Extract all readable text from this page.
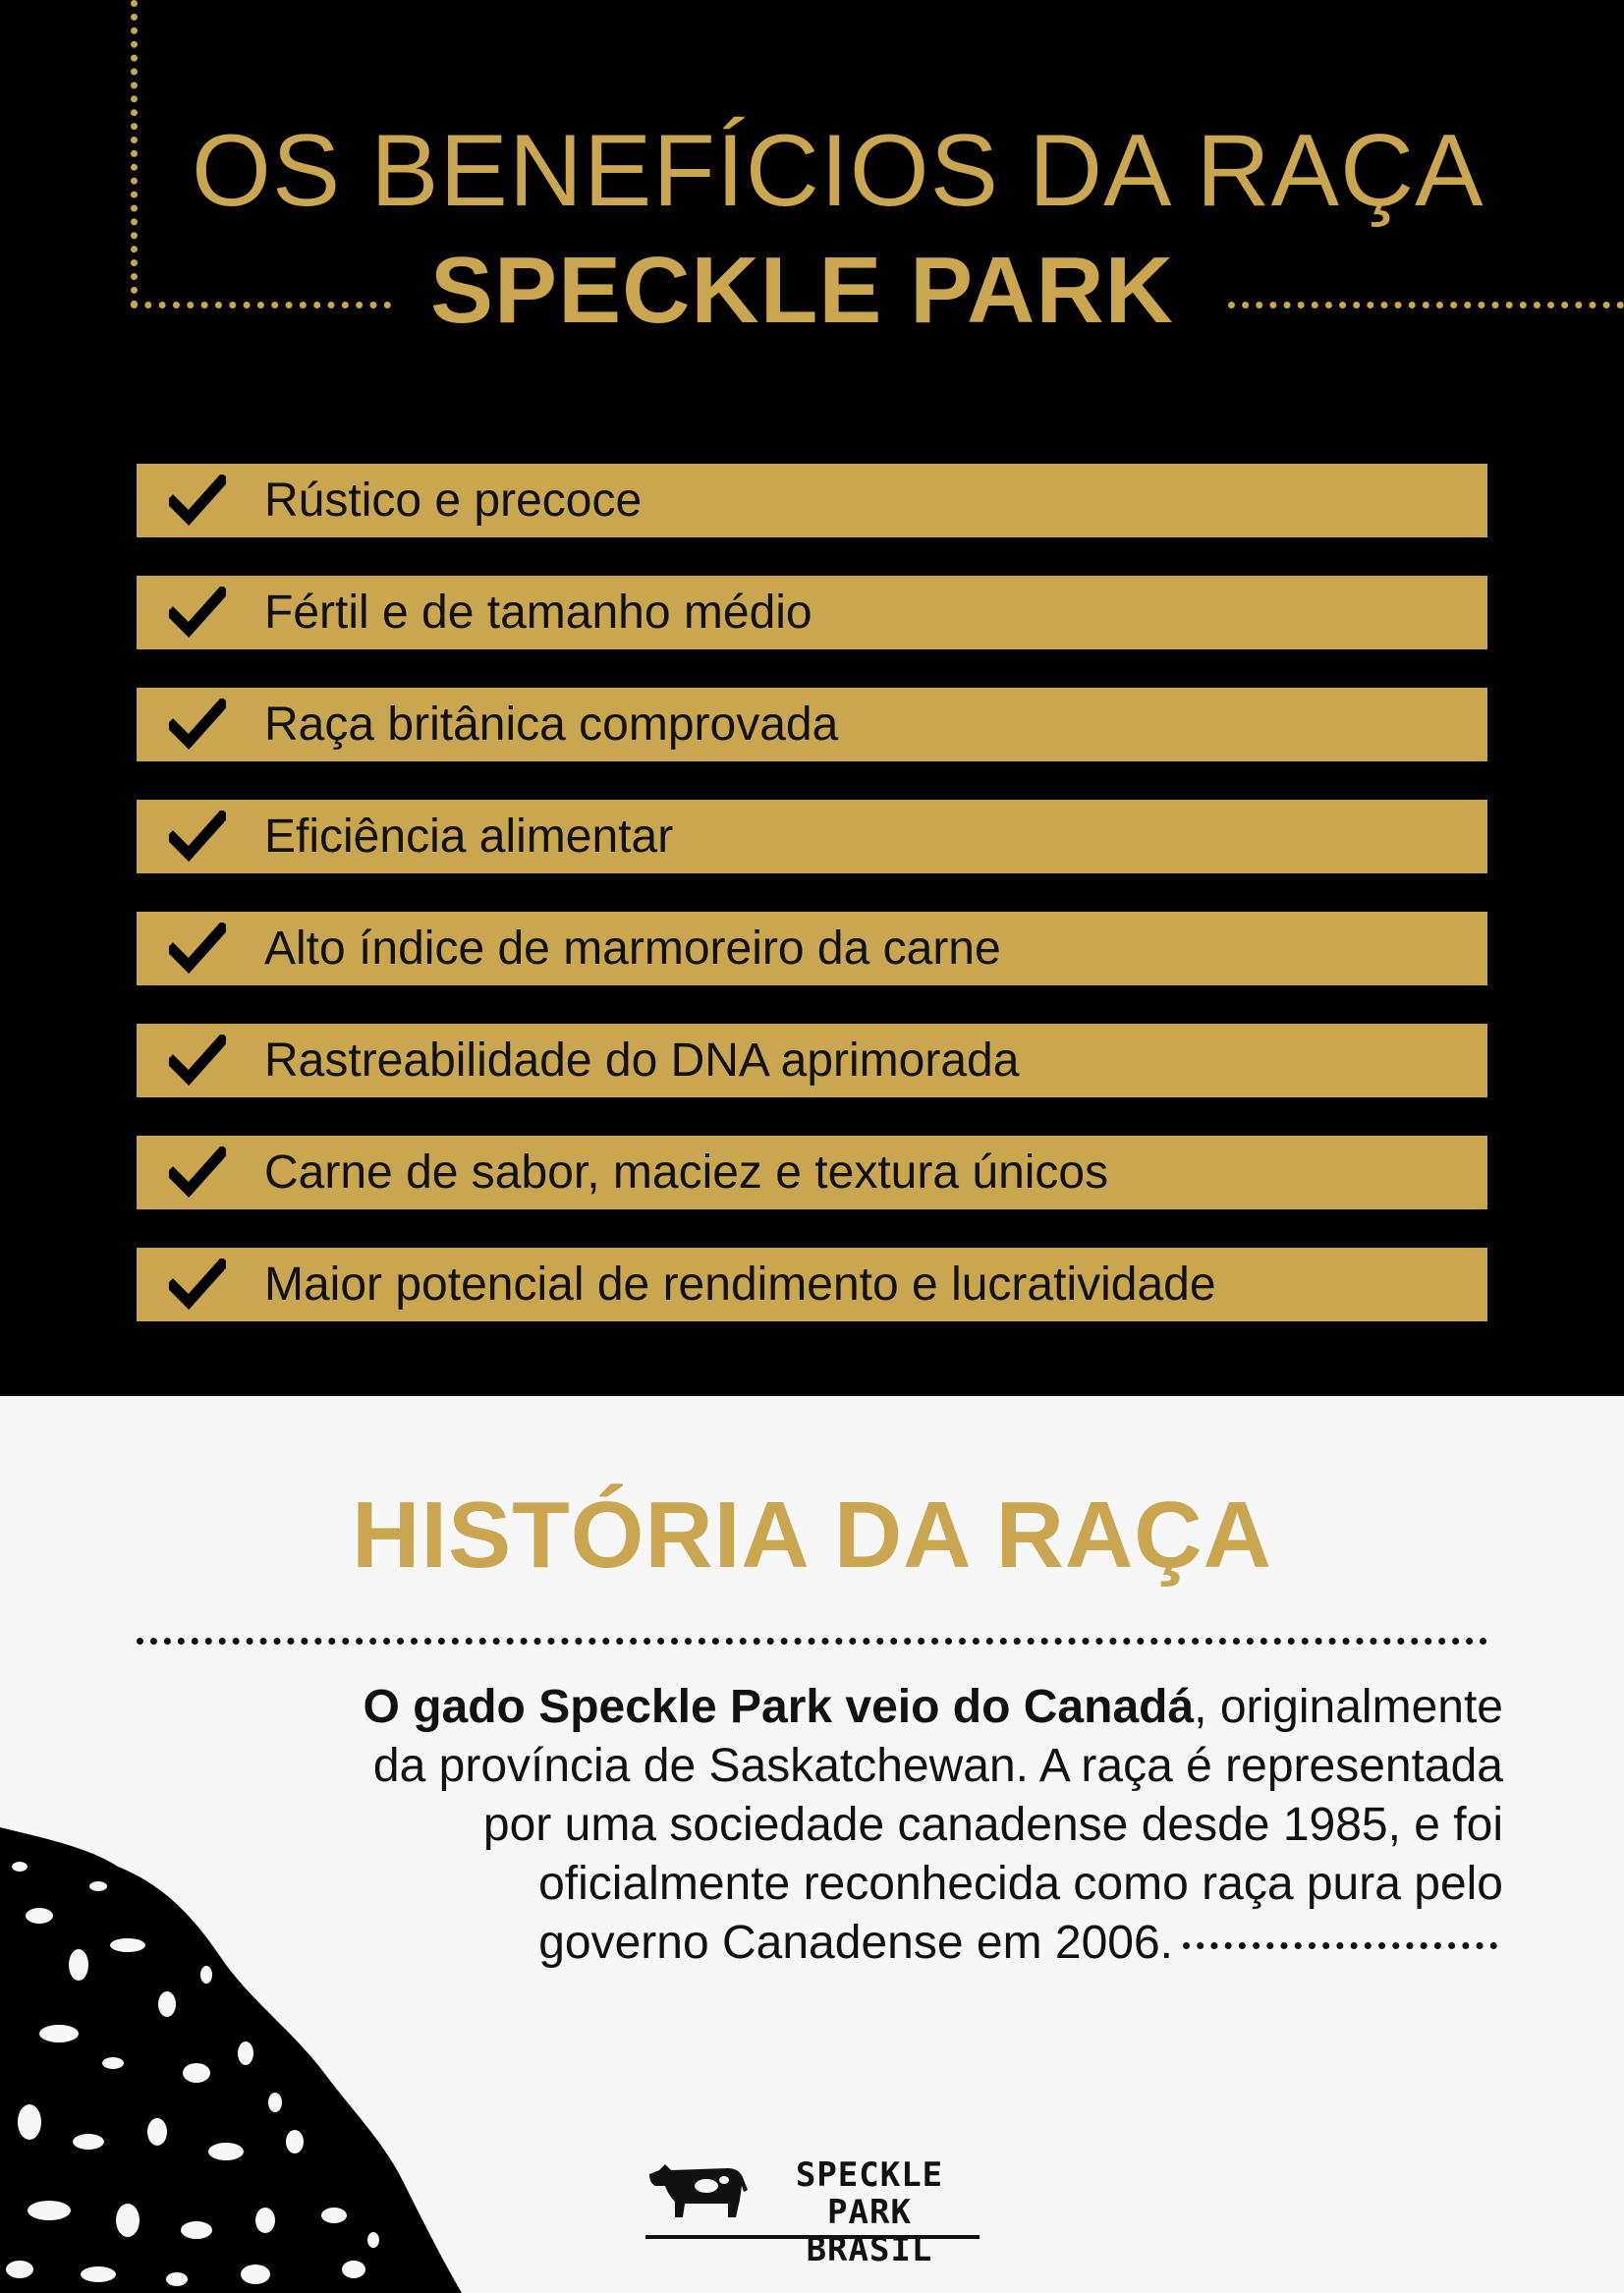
OS BENEFÍCIOS DA RAÇA
SPECKLE PARK
Rústico e precoce
Fértil e de tamanho médio
Raça britânica comprovada
Eficiência alimentar
Alto índice de marmoreiro da carne
Rastreabilidade do DNA aprimorada
Carne de sabor, maciez e textura únicos
Maior potencial de rendimento e lucratividade
HISTÓRIA DA RAÇA
O gado Speckle Park veio do Canadá, originalmente
da província de Saskatchewan. A raça é representada
por uma sociedade canadense desde 1985, e foi
oficialmente reconhecida como raça pura pelo
governo Canadense em 2006.
SPECKLE PARK
BRASIL
